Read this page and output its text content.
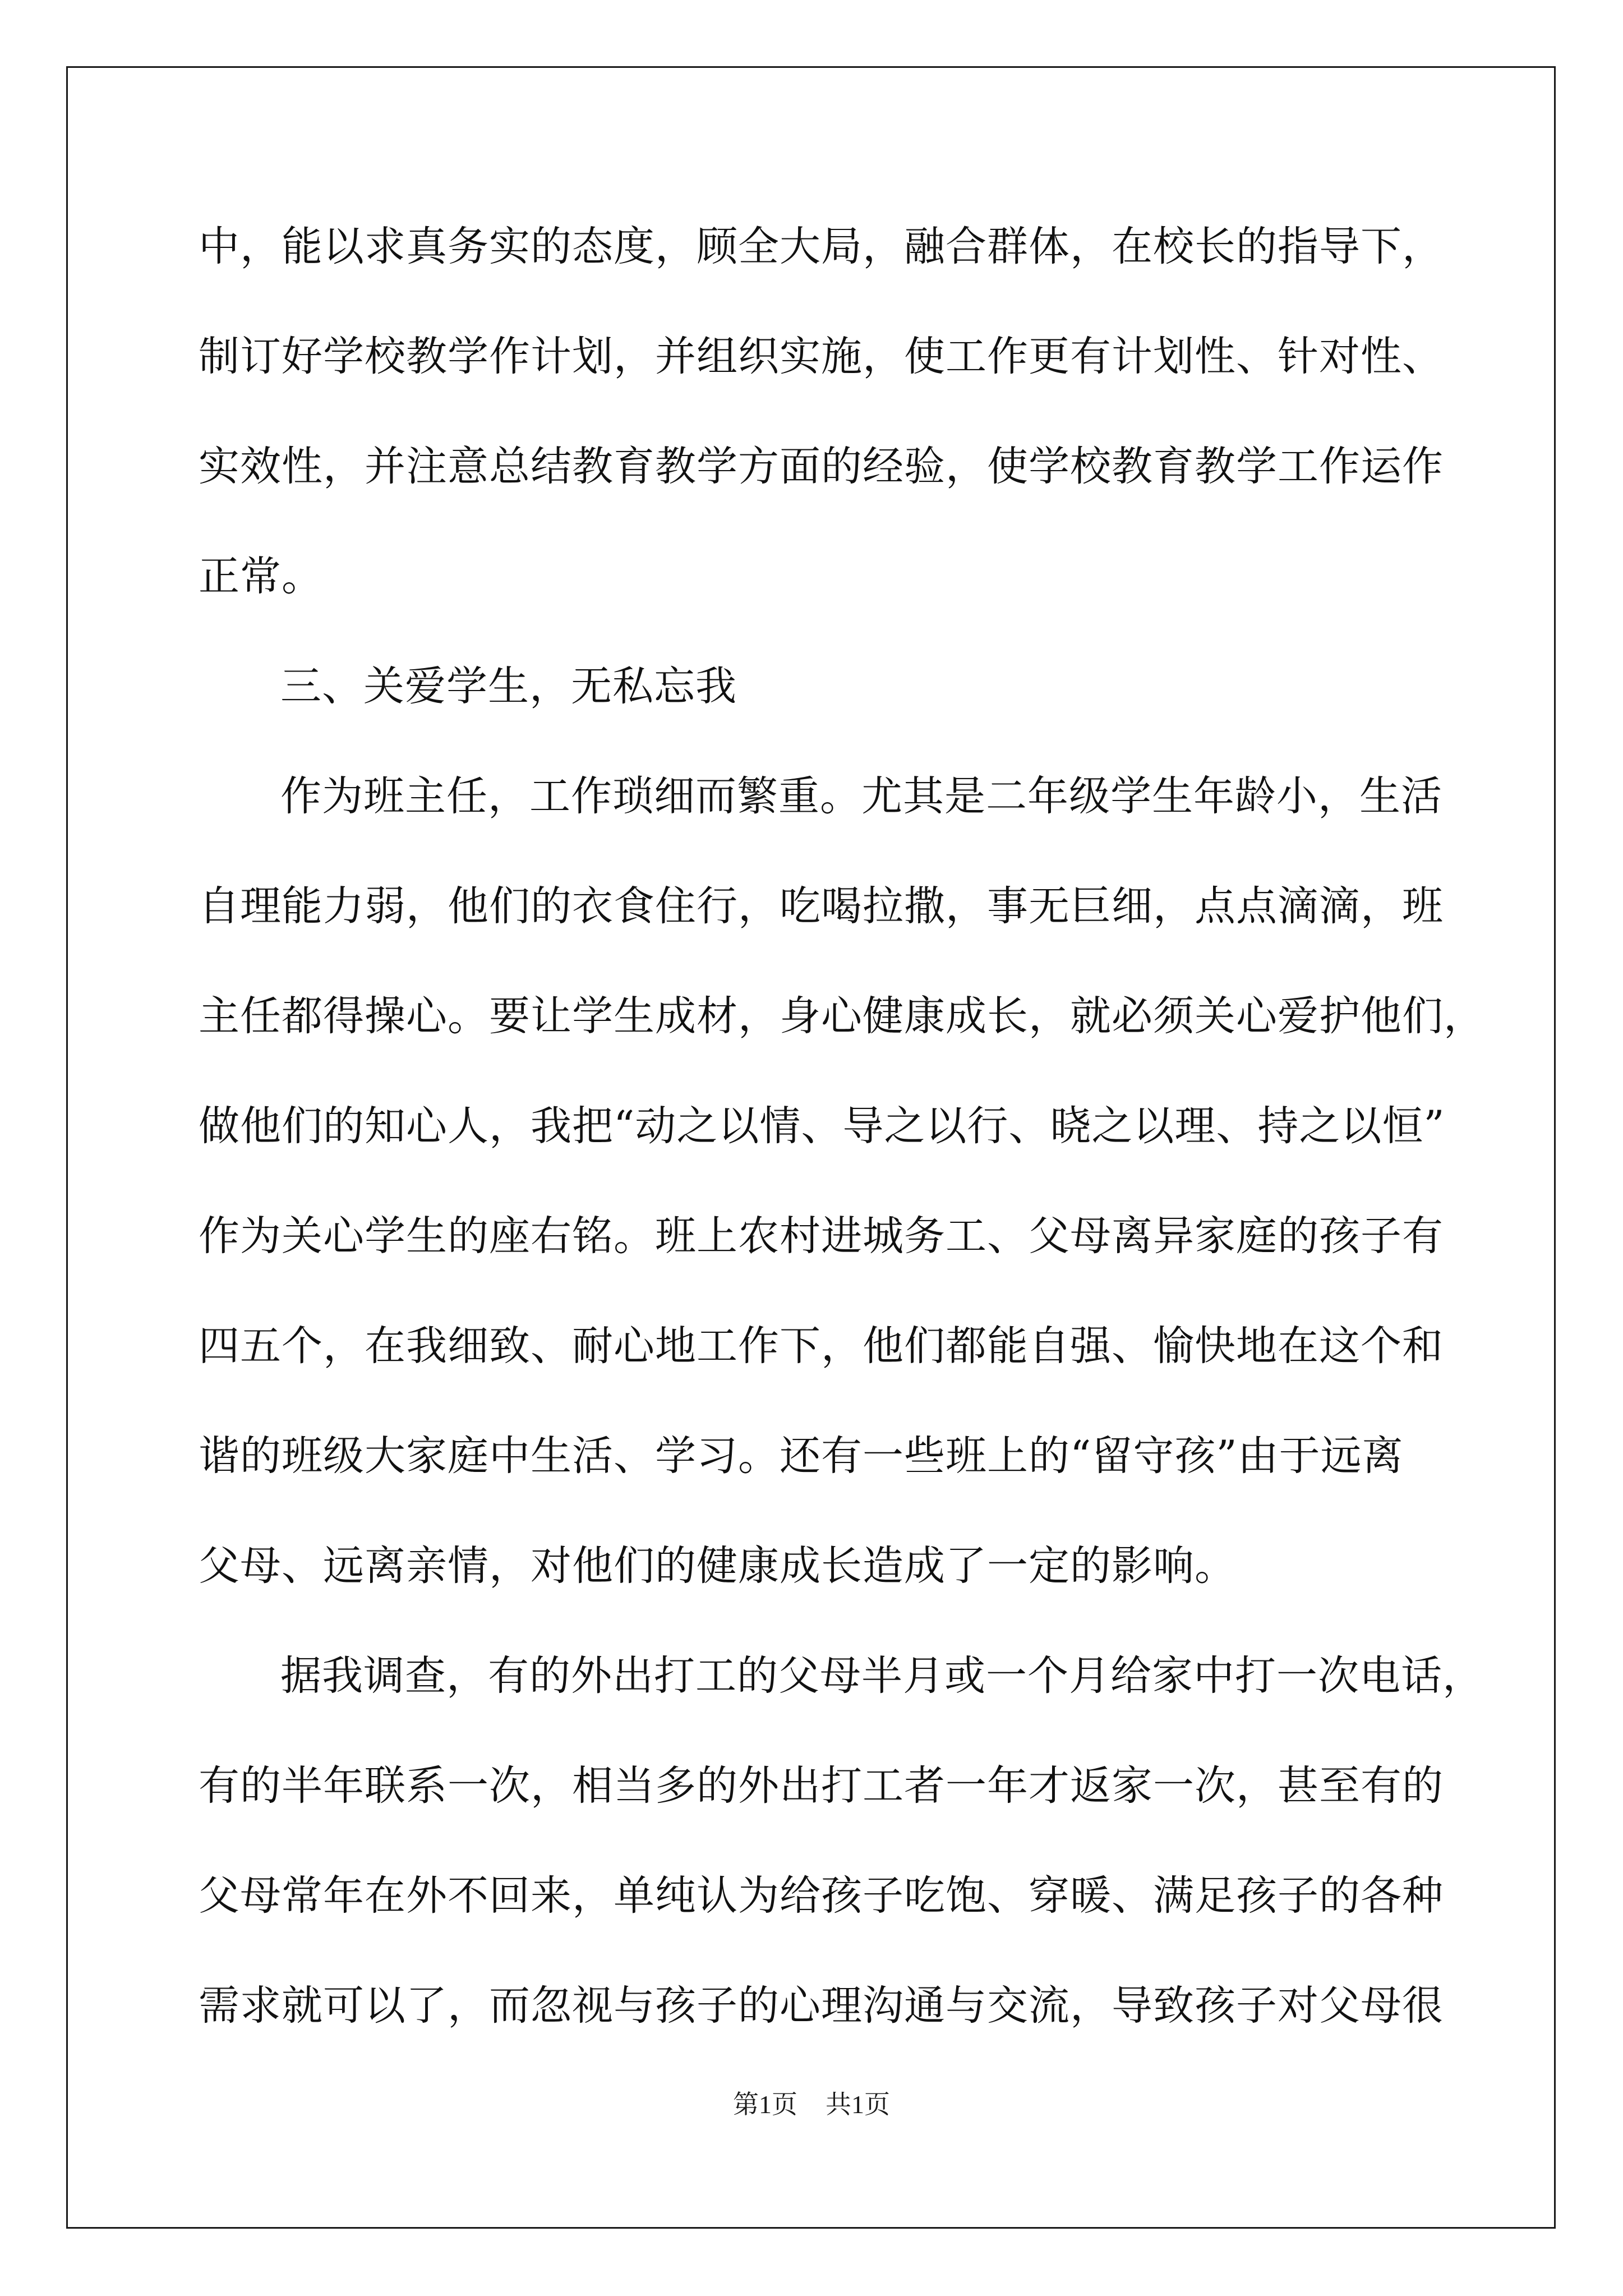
中，能以求真务实的态度，顾全大局，融合群体，在校长的指导下，
制订好学校教学作计划，并组织实施，使工作更有计划性、针对性、
实效性，并注意总结教育教学方面的经验，使学校教育教学工作运作
正常。
三、关爱学生，无私忘我
作为班主任，工作琐细而繁重。尤其是二年级学生年龄小，生活
自理能力弱，他们的衣食住行，吃喝拉撒，事无巨细，点点滴滴，班
主任都得操心。要让学生成材，身心健康成长，就必须关心爱护他们，
做他们的知心人，我把“动之以情、导之以行、晓之以理、持之以恒”
作为关心学生的座右铭。班上农村进城务工、父母离异家庭的孩子有
四五个，在我细致、耐心地工作下，他们都能自强、愉快地在这个和
谐的班级大家庭中生活、学习。还有一些班上的“留守孩”由于远离
父母、远离亲情，对他们的健康成长造成了一定的影响。
据我调查，有的外出打工的父母半月或一个月给家中打一次电话，
有的半年联系一次，相当多的外出打工者一年才返家一次，甚至有的
父母常年在外不回来，单纯认为给孩子吃饱、穿暖、满足孩子的各种
需求就可以了，而忽视与孩子的心理沟通与交流，导致孩子对父母很
第1页 共1页
